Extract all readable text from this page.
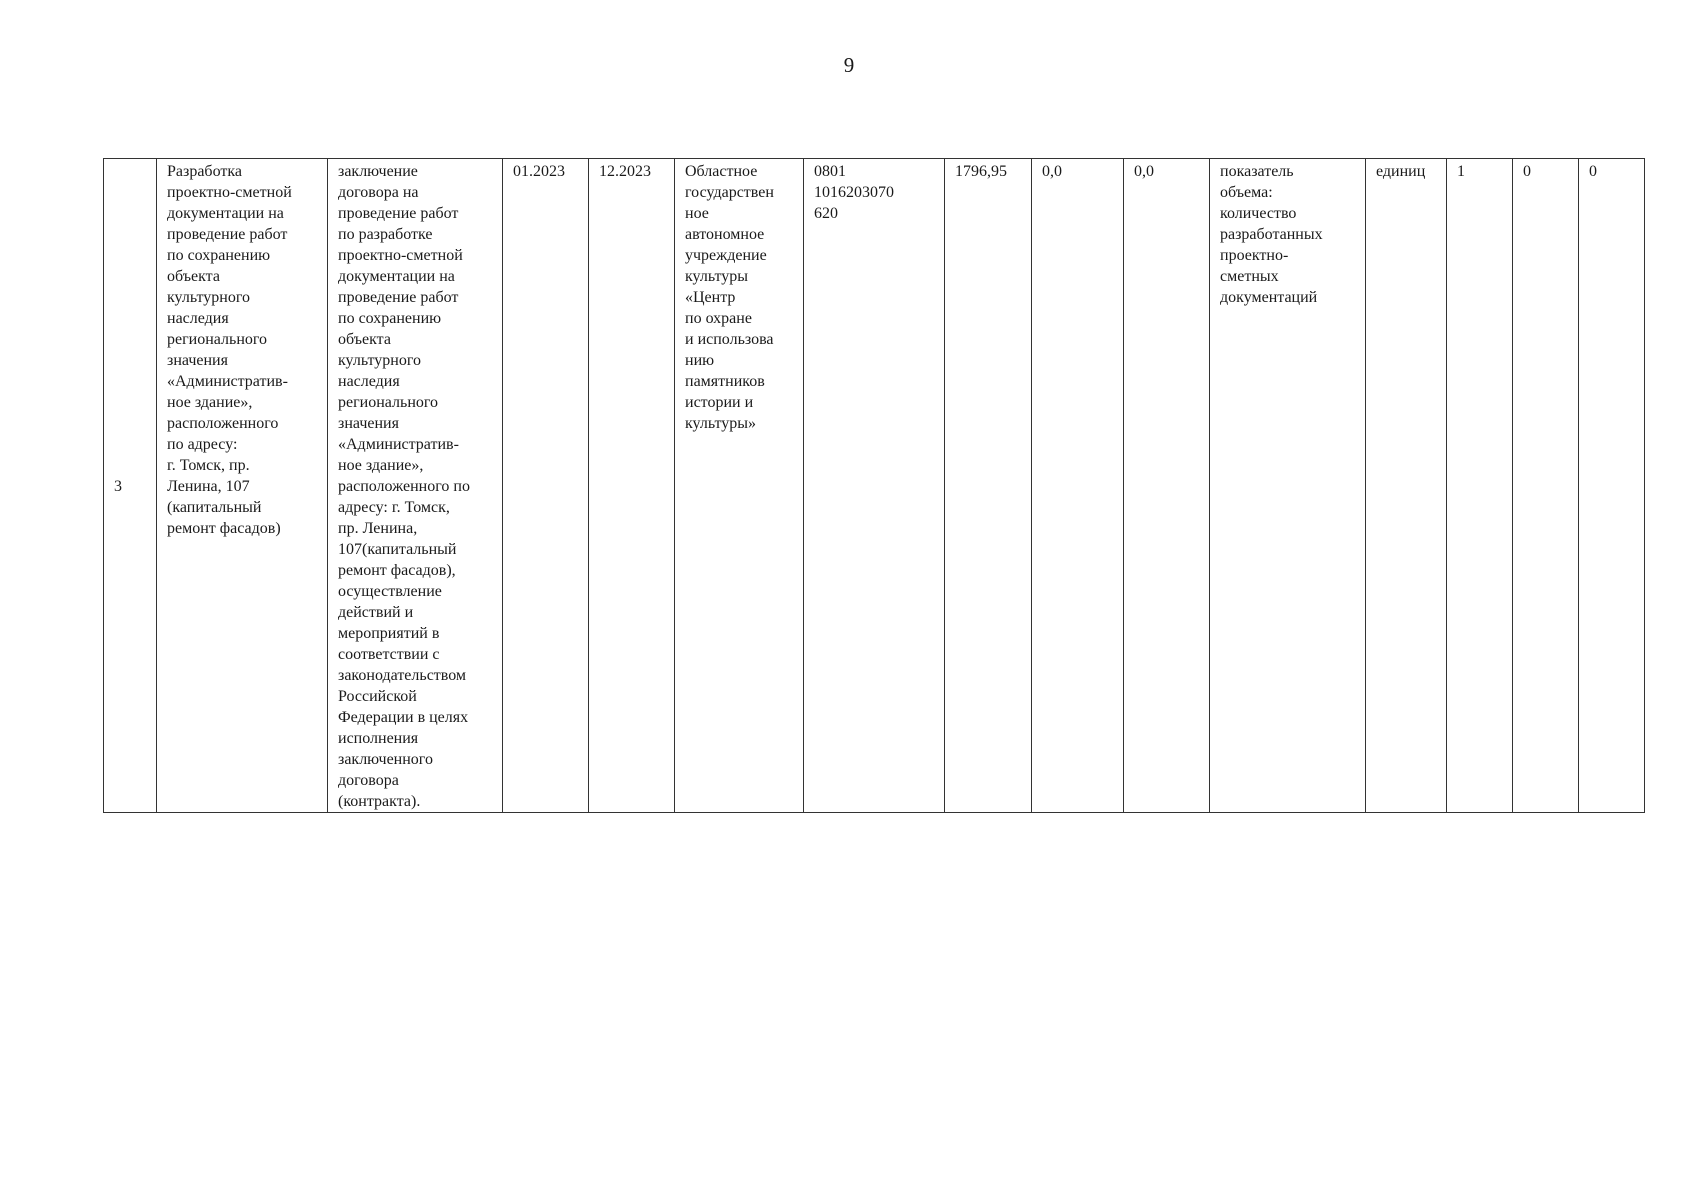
9
3	Разработка
проектно-сметной
документации на
проведение работ
по сохранению
объекта
культурного
наследия
регионального
значения
«Административ-
ное здание»,
расположенного
по адресу:
г. Томск, пр.
Ленина, 107
(капитальный
ремонт фасадов)	заключение
договора на
проведение работ
по разработке
проектно-сметной
документации на
проведение работ
по сохранению
объекта
культурного
наследия
регионального
значения
«Административ-
ное здание»,
расположенного по
адресу: г. Томск,
пр. Ленина,
107(капитальный
ремонт фасадов),
осуществление
действий и
мероприятий в
соответствии с
законодательством
Российской
Федерации в целях
исполнения
заключенного
договора
(контракта).	01.2023	12.2023	Областное
государствен
ное
автономное
учреждение
культуры
«Центр
по охране
и использова
нию
памятников
истории и
культуры»	0801
1016203070
620	1796,95	0,0	0,0	показатель
объема:
количество
разработанных
проектно-
сметных
документаций	единиц	1	0	0
